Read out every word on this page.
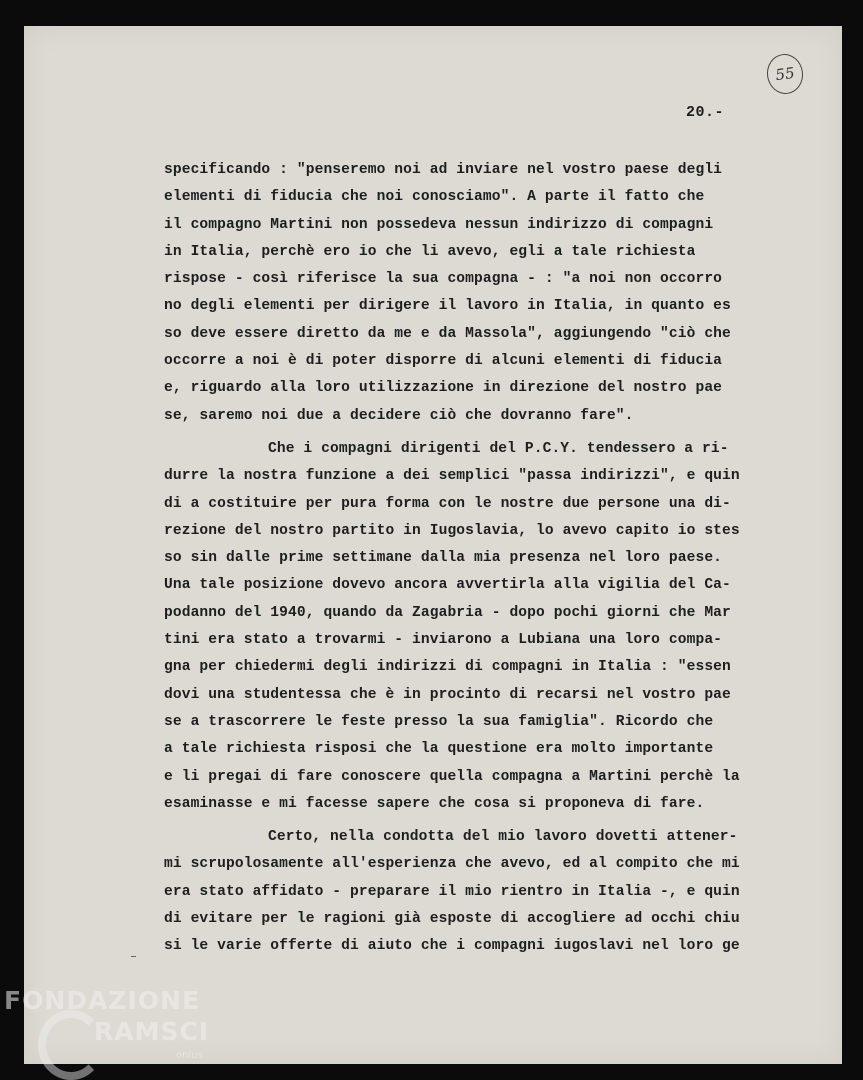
55
20.-
specificando : "penseremo noi ad inviare nel vostro paese degli
elementi di fiducia che noi conosciamo". A parte il fatto che
il compagno Martini non possedeva nessun indirizzo di compagni
in Italia, perchè ero io che li avevo, egli a tale richiesta
rispose - così riferisce la sua compagna - : "a noi non occorro
no degli elementi per dirigere il lavoro in Italia, in quanto es
so deve essere diretto da me e da Massola", aggiungendo "ciò che
occorre a noi è di poter disporre di alcuni elementi di fiducia
e, riguardo alla loro utilizzazione in direzione del nostro pae
se, saremo noi due a decidere ciò che dovranno fare".
Che i compagni dirigenti del P.C.Y. tendessero a ri-
durre la nostra funzione a dei semplici "passa indirizzi", e quin
di a costituire per pura forma con le nostre due persone una di-
rezione del nostro partito in Iugoslavia, lo avevo capito io stes
so sin dalle prime settimane dalla mia presenza nel loro paese.
Una tale posizione dovevo ancora avvertirla alla vigilia del Ca-
podanno del 1940, quando da Zagabria - dopo pochi giorni che Mar
tini era stato a trovarmi - inviarono a Lubiana una loro compa-
gna per chiedermi degli indirizzi di compagni in Italia : "essen
dovi una studentessa che è in procinto di recarsi nel vostro pae
se a trascorrere le feste presso la sua famiglia". Ricordo che
a tale richiesta risposi che la questione era molto importante
e li pregai di fare conoscere quella compagna a Martini perchè la
esaminasse e mi facesse sapere che cosa si proponeva di fare.
Certo, nella condotta del mio lavoro dovetti attener-
mi scrupolosamente all'esperienza che avevo, ed al compito che mi
era stato affidato - preparare il mio rientro in Italia -, e quin
di evitare per le ragioni già esposte di accogliere ad occhi chiu
si le varie offerte di aiuto che i compagni iugoslavi nel loro ge
FONDAZIONE
RAMSCI
onlus
